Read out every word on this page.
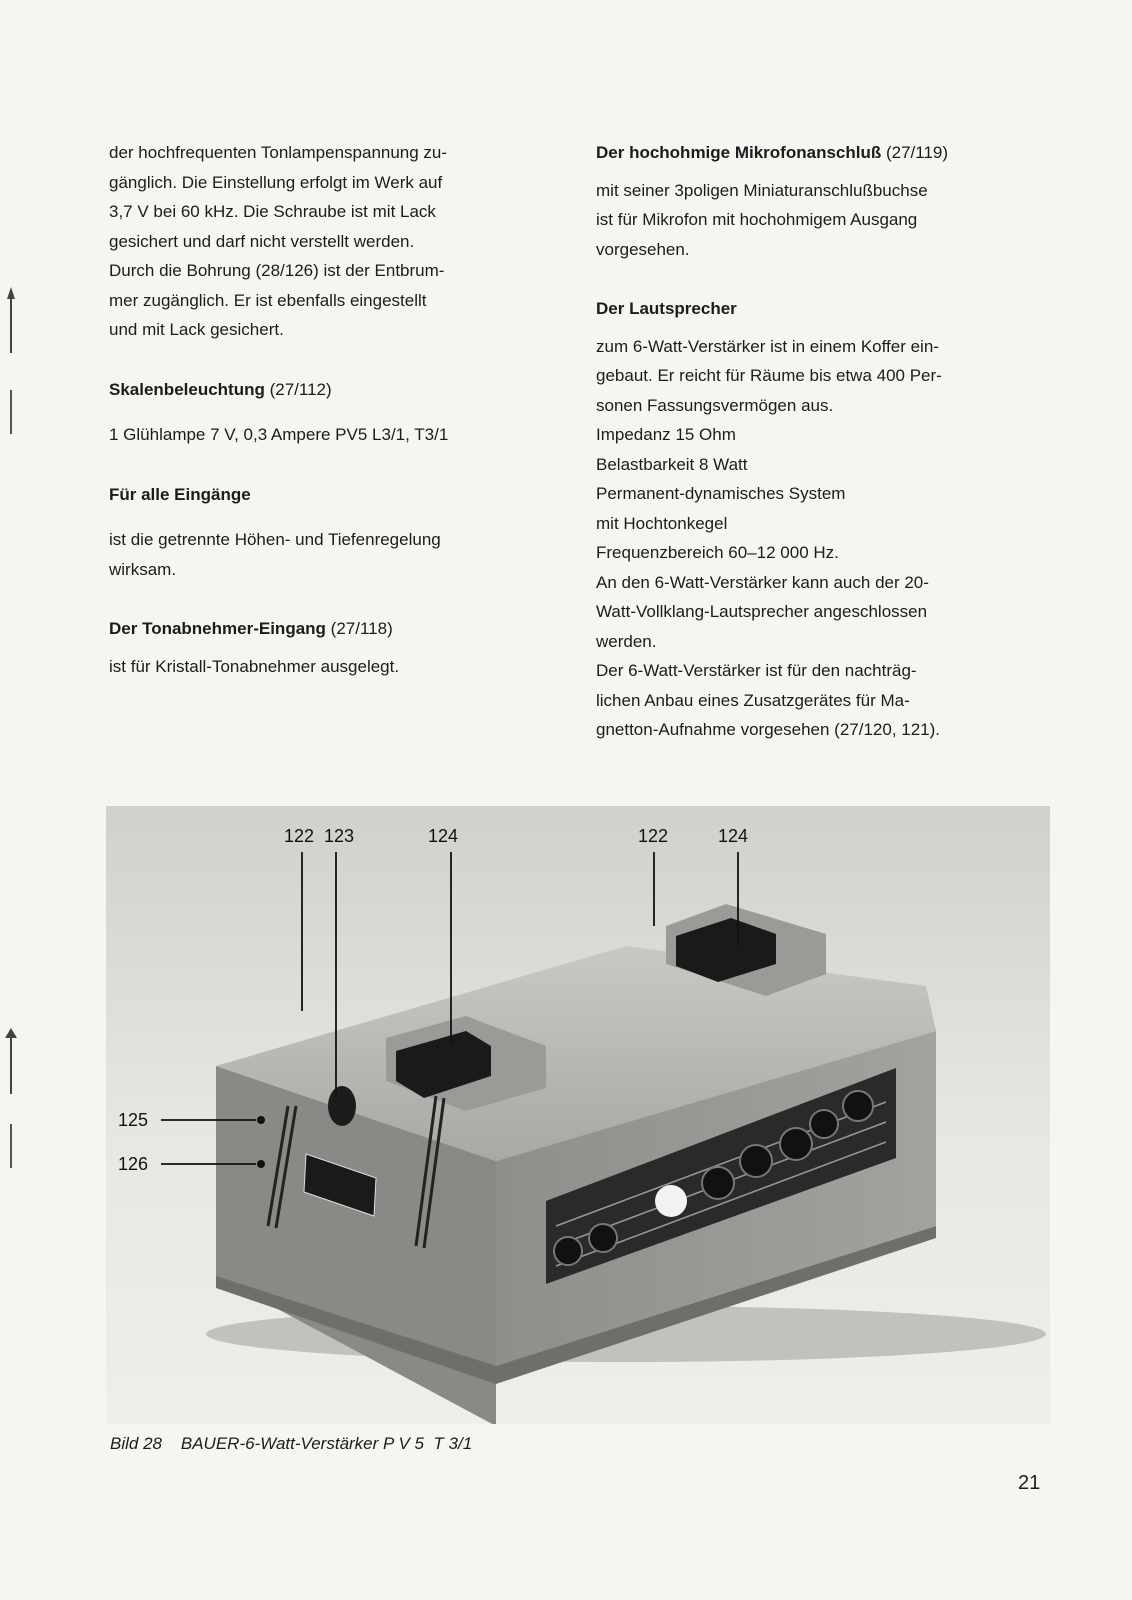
der hochfrequenten Tonlampenspannung zu-
gänglich. Die Einstellung erfolgt im Werk auf
3,7 V bei 60 kHz. Die Schraube ist mit Lack
gesichert und darf nicht verstellt werden.
Durch die Bohrung (28/126) ist der Entbrum-
mer zugänglich. Er ist ebenfalls eingestellt
und mit Lack gesichert.

Skalenbeleuchtung (27/112)

1 Glühlampe 7 V, 0,3 Ampere PV5 L3/1, T3/1

Für alle Eingänge

ist die getrennte Höhen- und Tiefenregelung
wirksam.

Der Tonabnehmer-Eingang (27/118)

ist für Kristall-Tonabnehmer ausgelegt.

Der hochohmige Mikrofonanschluß (27/119)

mit seiner 3poligen Miniaturanschlußbuchse
ist für Mikrofon mit hochohmigem Ausgang
vorgesehen.

Der Lautsprecher

zum 6-Watt-Verstärker ist in einem Koffer ein-
gebaut. Er reicht für Räume bis etwa 400 Per-
sonen Fassungsvermögen aus.

Impedanz 15 Ohm
Belastbarkeit 8 Watt
Permanent-dynamisches System
mit Hochtonkegel
Frequenzbereich 60–12 000 Hz.

An den 6-Watt-Verstärker kann auch der 20-
Watt-Vollklang-Lautsprecher angeschlossen
werden.

Der 6-Watt-Verstärker ist für den nachträg-
lichen Anbau eines Zusatzgerätes für Ma-
gnetton-Aufnahme vorgesehen (27/120, 121).

122 123	124	122	124
125
126

Bild 28    BAUER-6-Watt-Verstärker P V 5  T 3/1

21
